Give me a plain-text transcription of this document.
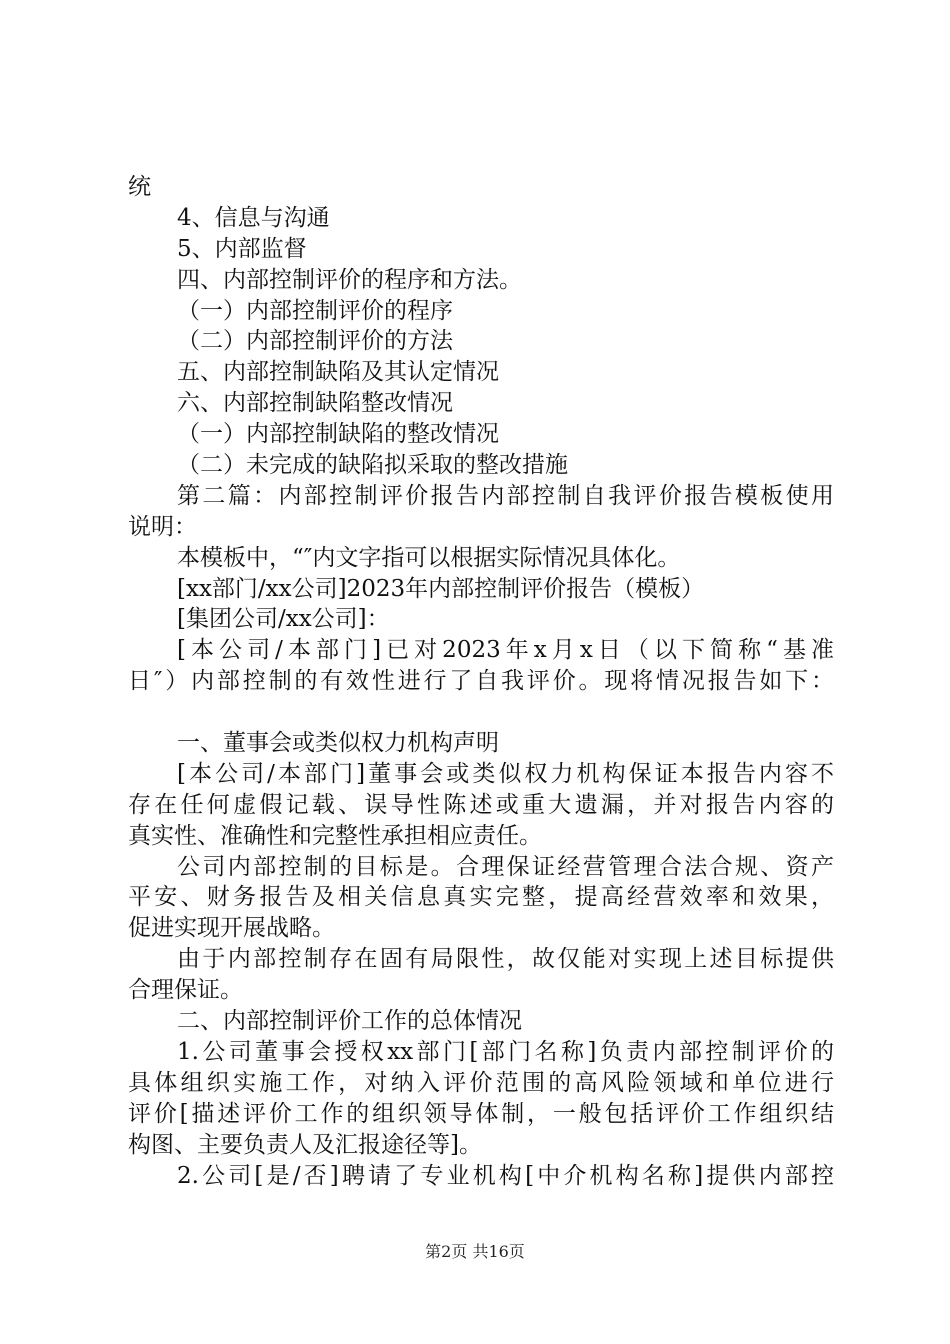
统
4、信息与沟通
5、内部监督
四、内部控制评价的程序和方法。
（一）内部控制评价的程序
（二）内部控制评价的方法
五、内部控制缺陷及其认定情况
六、内部控制缺陷整改情况
（一）内部控制缺陷的整改情况
（二）未完成的缺陷拟采取的整改措施
第二篇：内部控制评价报告内部控制自我评价报告模板使用
说明：
本模板中，“″内文字指可以根据实际情况具体化。
[xx部门/xx公司]2023年内部控制评价报告（模板）
[集团公司/xx公司]：
[本公司/本部门]已对2023年x月x日（以下简称“基准
日″）内部控制的有效性进行了自我评价。现将情况报告如下：
一、董事会或类似权力机构声明
[本公司/本部门]董事会或类似权力机构保证本报告内容不
存在任何虚假记载、误导性陈述或重大遗漏，并对报告内容的
真实性、准确性和完整性承担相应责任。
公司内部控制的目标是。合理保证经营管理合法合规、资产
平安、财务报告及相关信息真实完整，提高经营效率和效果，
促进实现开展战略。
由于内部控制存在固有局限性，故仅能对实现上述目标提供
合理保证。
二、内部控制评价工作的总体情况
1.公司董事会授权xx部门[部门名称]负责内部控制评价的
具体组织实施工作，对纳入评价范围的高风险领域和单位进行
评价[描述评价工作的组织领导体制，一般包括评价工作组织结
构图、主要负责人及汇报途径等]。
2.公司[是/否]聘请了专业机构[中介机构名称]提供内部控
第2页 共16页
